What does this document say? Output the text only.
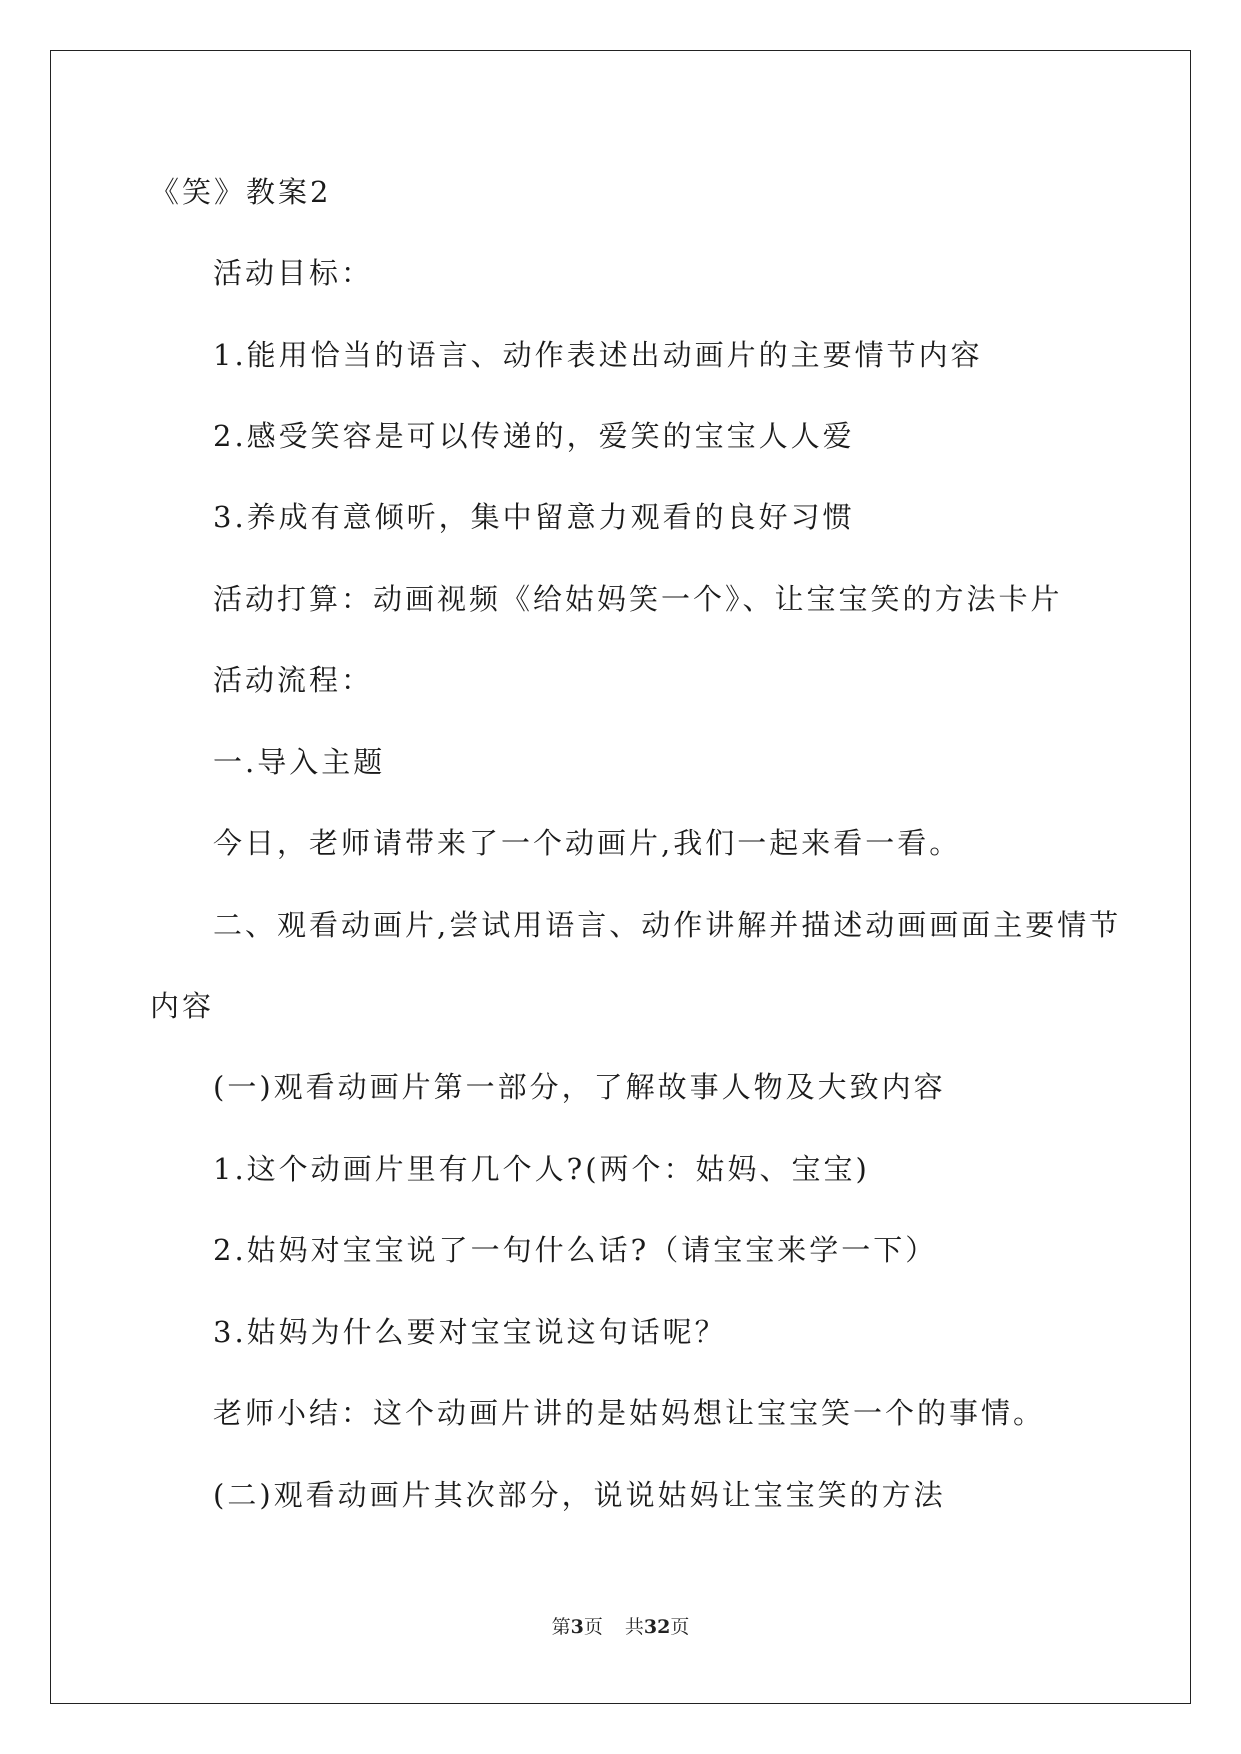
《笑》教案2
活动目标：
1.能用恰当的语言、动作表述出动画片的主要情节内容
2.感受笑容是可以传递的，爱笑的宝宝人人爱
3.养成有意倾听，集中留意力观看的良好习惯
活动打算：动画视频《给姑妈笑一个》、让宝宝笑的方法卡片
活动流程：
一.导入主题
今日，老师请带来了一个动画片,我们一起来看一看。
二、观看动画片,尝试用语言、动作讲解并描述动画画面主要情节
内容
(一)观看动画片第一部分，了解故事人物及大致内容
1.这个动画片里有几个人?(两个：姑妈、宝宝)
2.姑妈对宝宝说了一句什么话?（请宝宝来学一下）
3.姑妈为什么要对宝宝说这句话呢？
老师小结：这个动画片讲的是姑妈想让宝宝笑一个的事情。
(二)观看动画片其次部分，说说姑妈让宝宝笑的方法
第3页 共32页
